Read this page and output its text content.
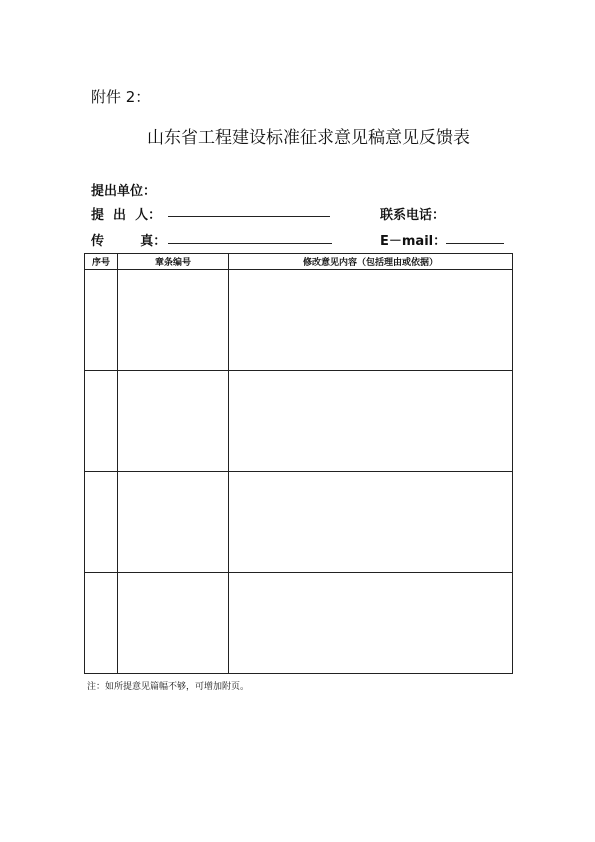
附件 2：
山东省工程建设标准征求意见稿意见反馈表
提出单位：
提  出  人：	联系电话：
传        真：	E－mail：
序号	章条编号	修改意见内容（包括理由或依据）

注：如所提意见篇幅不够，可增加附页。
